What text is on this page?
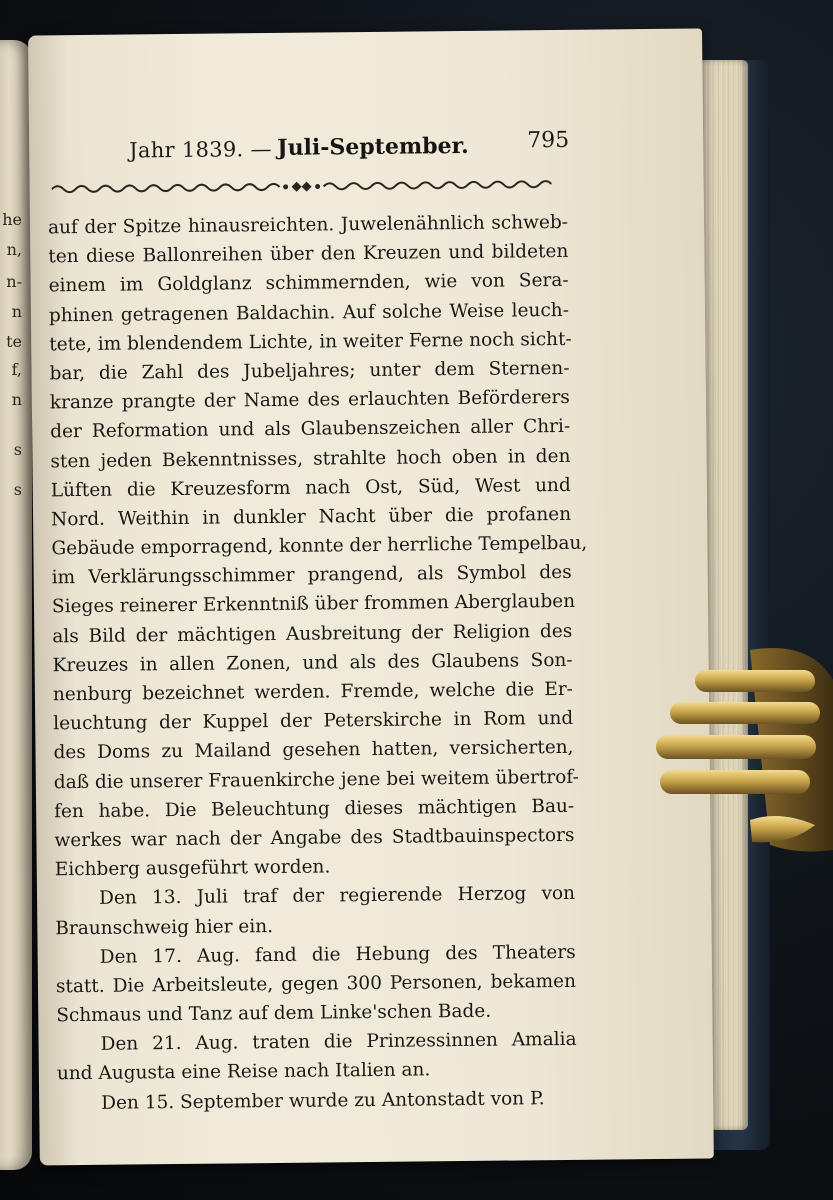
he
n,
n-
n
te
f,
n
s
s
Jahr 1839. — Juli-September.	795
auf der Spitze hinausreichten. Juwelenähnlich schweb-
ten diese Ballonreihen über den Kreuzen und bildeten
einem im Goldglanz schimmernden, wie von Sera-
phinen getragenen Baldachin. Auf solche Weise leuch-
tete, im blendendem Lichte, in weiter Ferne noch sicht-
bar, die Zahl des Jubeljahres; unter dem Sternen-
kranze prangte der Name des erlauchten Beförderers
der Reformation und als Glaubenszeichen aller Chri-
sten jeden Bekenntnisses, strahlte hoch oben in den
Lüften die Kreuzesform nach Ost, Süd, West und
Nord. Weithin in dunkler Nacht über die profanen
Gebäude emporragend, konnte der herrliche Tempelbau,
im Verklärungsschimmer prangend, als Symbol des
Sieges reinerer Erkenntniß über frommen Aberglauben
als Bild der mächtigen Ausbreitung der Religion des
Kreuzes in allen Zonen, und als des Glaubens Son-
nenburg bezeichnet werden. Fremde, welche die Er-
leuchtung der Kuppel der Peterskirche in Rom und
des Doms zu Mailand gesehen hatten, versicherten,
daß die unserer Frauenkirche jene bei weitem übertrof-
fen habe. Die Beleuchtung dieses mächtigen Bau-
werkes war nach der Angabe des Stadtbauinspectors
Eichberg ausgeführt worden.
Den 13. Juli traf der regierende Herzog von
Braunschweig hier ein.
Den 17. Aug. fand die Hebung des Theaters
statt. Die Arbeitsleute, gegen 300 Personen, bekamen
Schmaus und Tanz auf dem Linke'schen Bade.
Den 21. Aug. traten die Prinzessinnen Amalia
und Augusta eine Reise nach Italien an.
Den 15. September wurde zu Antonstadt von P.
